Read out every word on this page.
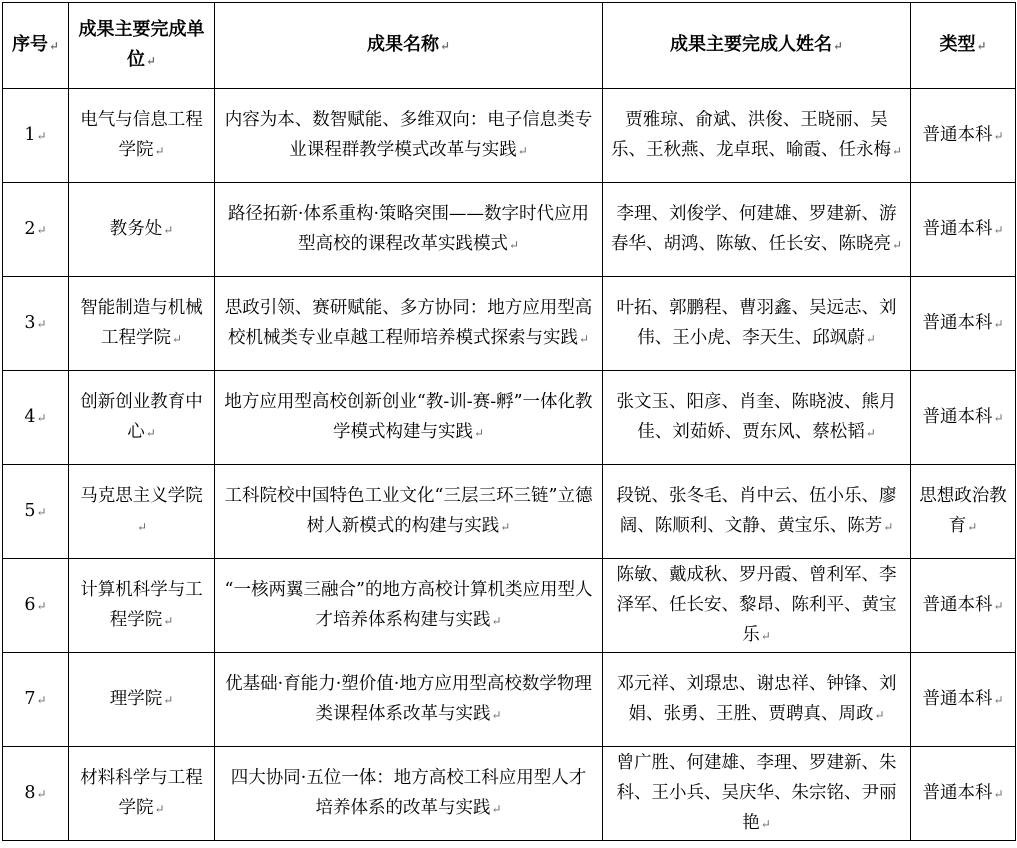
序号↵	成果主要完成单位↵	成果名称↵	成果主要完成人姓名↵	类型↵
1↵	电气与信息工程学院↵	内容为本、数智赋能、多维双向：电子信息类专业课程群教学模式改革与实践↵	贾雅琼、俞斌、洪俊、王晓丽、吴乐、王秋燕、龙卓珉、喻霞、任永梅↵	普通本科↵
2↵	教务处↵	路径拓新·体系重构·策略突围——数字时代应用型高校的课程改革实践模式↵	李理、刘俊学、何建雄、罗建新、游春华、胡鸿、陈敏、任长安、陈晓亮↵	普通本科↵
3↵	智能制造与机械工程学院↵	思政引领、赛研赋能、多方协同：地方应用型高校机械类专业卓越工程师培养模式探索与实践↵	叶拓、郭鹏程、曹羽鑫、吴远志、刘伟、王小虎、李天生、邱飒蔚↵	普通本科↵
4↵	创新创业教育中心↵	地方应用型高校创新创业“教-训-赛-孵”一体化教学模式构建与实践↵	张文玉、阳彦、肖奎、陈晓波、熊月佳、刘茹娇、贾东风、蔡松韬↵	普通本科↵
5↵	马克思主义学院↵	工科院校中国特色工业文化“三层三环三链”立德树人新模式的构建与实践↵	段锐、张冬毛、肖中云、伍小乐、廖阔、陈顺利、文静、黄宝乐、陈芳↵	思想政治教育↵
6↵	计算机科学与工程学院↵	“一核两翼三融合”的地方高校计算机类应用型人才培养体系构建与实践↵	陈敏、戴成秋、罗丹霞、曾利军、李泽军、任长安、黎昂、陈利平、黄宝乐↵	普通本科↵
7↵	理学院↵	优基础·育能力·塑价值·地方应用型高校数学物理类课程体系改革与实践↵	邓元祥、刘璟忠、谢忠祥、钟锋、刘娟、张勇、王胜、贾聘真、周政↵	普通本科↵
8↵	材料科学与工程学院↵	四大协同·五位一体：地方高校工科应用型人才培养体系的改革与实践↵	曾广胜、何建雄、李理、罗建新、朱科、王小兵、吴庆华、朱宗铭、尹丽艳↵	普通本科↵
